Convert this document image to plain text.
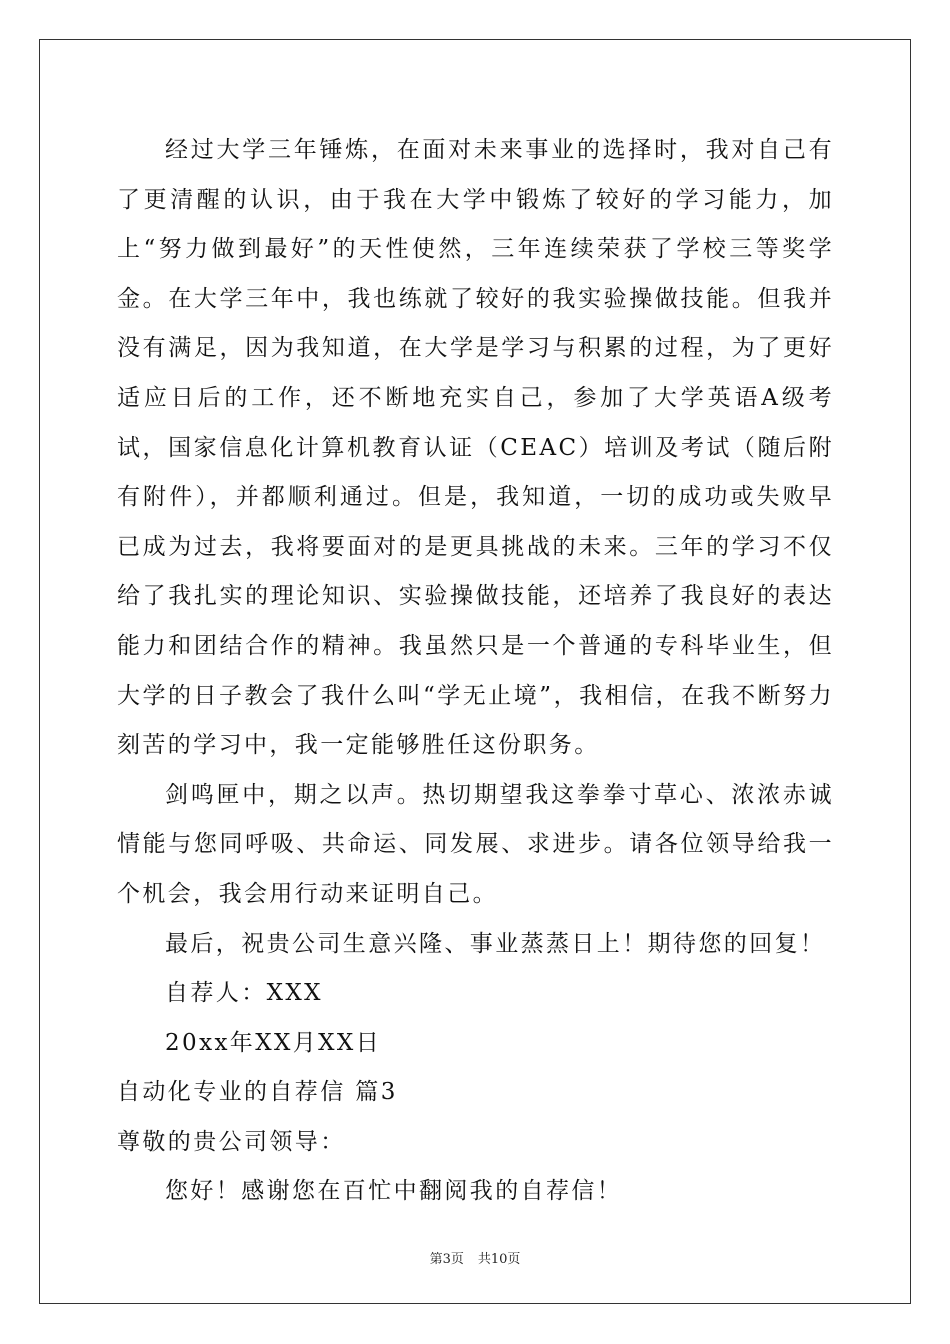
经过大学三年锤炼，在面对未来事业的选择时，我对自己有了更清醒的认识，由于我在大学中锻炼了较好的学习能力，加上“努力做到最好”的天性使然，三年连续荣获了学校三等奖学金。在大学三年中，我也练就了较好的我实验操做技能。但我并没有满足，因为我知道，在大学是学习与积累的过程，为了更好适应日后的工作，还不断地充实自己，参加了大学英语A级考试，国家信息化计算机教育认证（CEAC）培训及考试（随后附有附件），并都顺利通过。但是，我知道，一切的成功或失败早已成为过去，我将要面对的是更具挑战的未来。三年的学习不仅给了我扎实的理论知识、实验操做技能，还培养了我良好的表达能力和团结合作的精神。我虽然只是一个普通的专科毕业生，但大学的日子教会了我什么叫“学无止境”，我相信，在我不断努力刻苦的学习中，我一定能够胜任这份职务。

剑鸣匣中，期之以声。热切期望我这拳拳寸草心、浓浓赤诚情能与您同呼吸、共命运、同发展、求进步。请各位领导给我一个机会，我会用行动来证明自己。

最后，祝贵公司生意兴隆、事业蒸蒸日上！期待您的回复！

自荐人：XXX

20xx年XX月XX日

自动化专业的自荐信 篇3

尊敬的贵公司领导：

您好！感谢您在百忙中翻阅我的自荐信！

第3页 共10页
